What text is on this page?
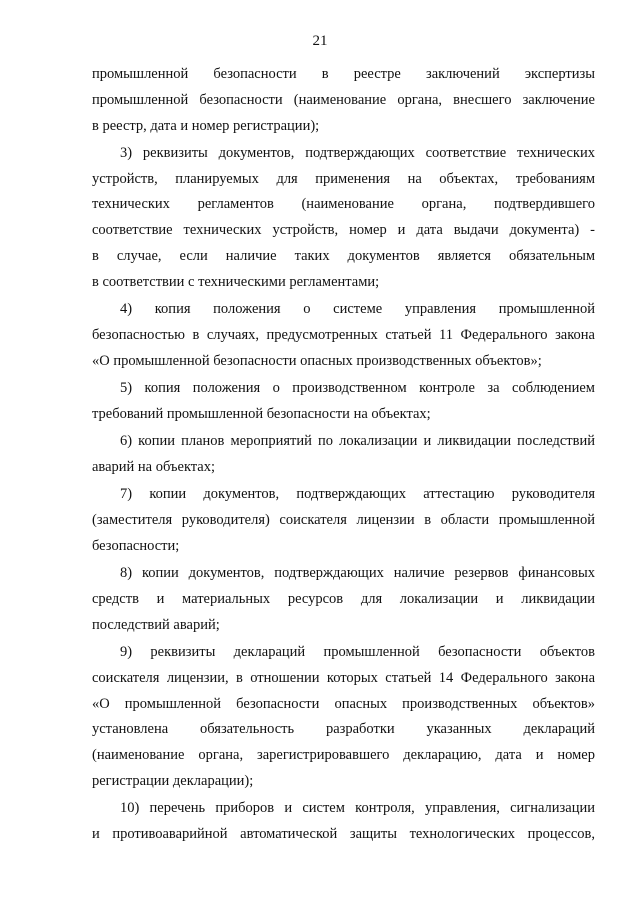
21
промышленной безопасности в реестре заключений экспертизы
промышленной безопасности (наименование органа, внесшего заключение
в реестр, дата и номер регистрации);
3) реквизиты документов, подтверждающих соответствие технических
устройств, планируемых для применения на объектах, требованиям
технических регламентов (наименование органа, подтвердившего
соответствие технических устройств, номер и дата выдачи документа) -
в случае, если наличие таких документов является обязательным
в соответствии с техническими регламентами;
4) копия положения о системе управления промышленной
безопасностью в случаях, предусмотренных статьей 11 Федерального закона
«О промышленной безопасности опасных производственных объектов»;
5) копия положения о производственном контроле за соблюдением
требований промышленной безопасности на объектах;
6) копии планов мероприятий по локализации и ликвидации последствий
аварий на объектах;
7) копии документов, подтверждающих аттестацию руководителя
(заместителя руководителя) соискателя лицензии в области промышленной
безопасности;
8) копии документов, подтверждающих наличие резервов финансовых
средств и материальных ресурсов для локализации и ликвидации
последствий аварий;
9) реквизиты деклараций промышленной безопасности объектов
соискателя лицензии, в отношении которых статьей 14 Федерального закона
«О промышленной безопасности опасных производственных объектов»
установлена обязательность разработки указанных деклараций
(наименование органа, зарегистрировавшего декларацию, дата и номер
регистрации декларации);
10) перечень приборов и систем контроля, управления, сигнализации
и противоаварийной автоматической защиты технологических процессов,
